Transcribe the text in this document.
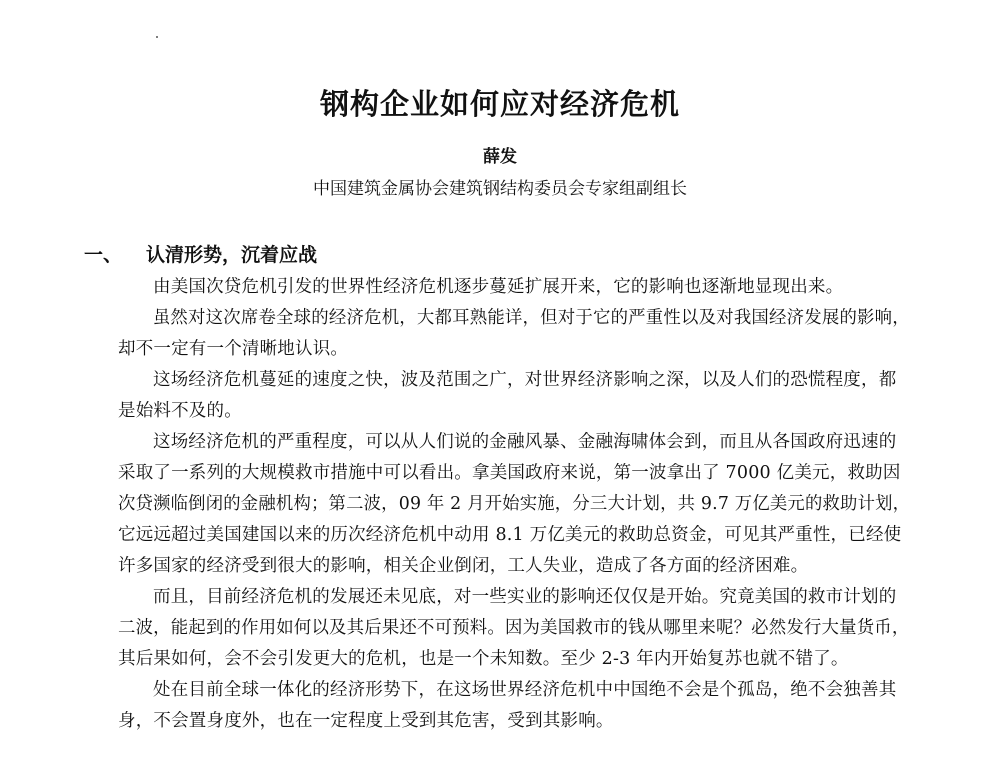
钢构企业如何应对经济危机
薛发
中国建筑金属协会建筑钢结构委员会专家组副组长
一、 认清形势，沉着应战

由美国次贷危机引发的世界性经济危机逐步蔓延扩展开来，它的影响也逐渐地显现出来。

虽然对这次席卷全球的经济危机，大都耳熟能详，但对于它的严重性以及对我国经济发展的影响，
却不一定有一个清晰地认识。

这场经济危机蔓延的速度之快，波及范围之广，对世界经济影响之深，以及人们的恐慌程度，都
是始料不及的。

这场经济危机的严重程度，可以从人们说的金融风暴、金融海啸体会到，而且从各国政府迅速的
采取了一系列的大规模救市措施中可以看出。拿美国政府来说，第一波拿出了 7000 亿美元，救助因
次贷濒临倒闭的金融机构；第二波，09 年 2 月开始实施，分三大计划，共 9.7 万亿美元的救助计划，
它远远超过美国建国以来的历次经济危机中动用 8.1 万亿美元的救助总资金，可见其严重性，已经使
许多国家的经济受到很大的影响，相关企业倒闭，工人失业，造成了各方面的经济困难。

而且，目前经济危机的发展还未见底，对一些实业的影响还仅仅是开始。究竟美国的救市计划的
二波，能起到的作用如何以及其后果还不可预料。因为美国救市的钱从哪里来呢？必然发行大量货币，
其后果如何，会不会引发更大的危机，也是一个未知数。至少 2-3 年内开始复苏也就不错了。

处在目前全球一体化的经济形势下，在这场世界经济危机中中国绝不会是个孤岛，绝不会独善其
身，不会置身度外，也在一定程度上受到其危害，受到其影响。
